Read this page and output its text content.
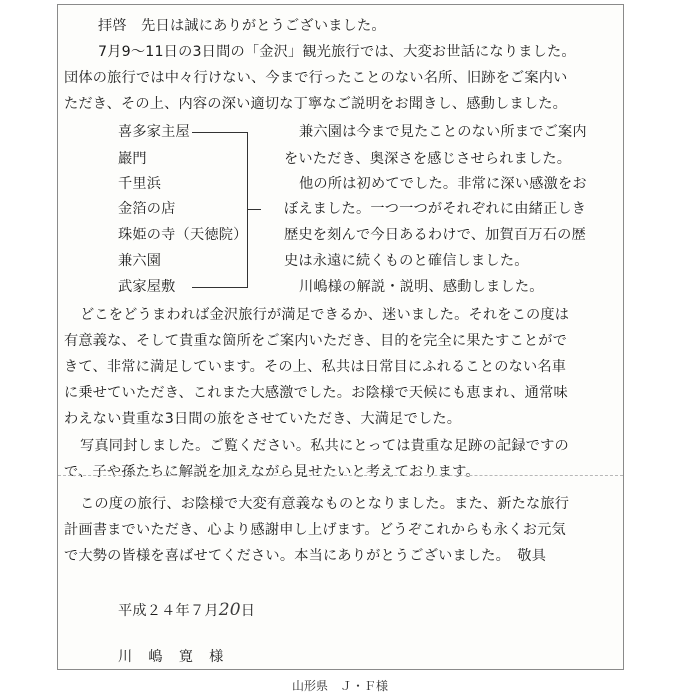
拝啓　先日は誠にありがとうございました。
7月9～11日の3日間の「金沢」観光旅行では、大変お世話になりました。
団体の旅行では中々行けない、今まで行ったことのない名所、旧跡をご案内い
ただき、その上、内容の深い適切な丁寧なご説明をお聞きし、感動しました。
喜多家主屋
巖門
千里浜
金箔の店
珠姫の寺（天徳院）
兼六園
武家屋敷
兼六園は今まで見たことのない所までご案内
をいただき、奥深さを感じさせられました。
他の所は初めてでした。非常に深い感激をお
ぼえました。一つ一つがそれぞれに由緒正しき
歴史を刻んで今日あるわけで、加賀百万石の歴
史は永遠に続くものと確信しました。
川嶋様の解説・説明、感動しました。
どこをどうまわれば金沢旅行が満足できるか、迷いました。それをこの度は
有意義な、そして貴重な箇所をご案内いただき、目的を完全に果たすことがで
きて、非常に満足しています。その上、私共は日常目にふれることのない名車
に乗せていただき、これまた大感激でした。お陰様で天候にも恵まれ、通常味
わえない貴重な3日間の旅をさせていただき、大満足でした。
写真同封しました。ご覧ください。私共にとっては貴重な足跡の記録ですの
で、子や孫たちに解説を加えながら見せたいと考えております。
この度の旅行、お陰様で大変有意義なものとなりました。また、新たな旅行
計画書までいただき、心より感謝申し上げます。どうぞこれからも永くお元気
で大勢の皆様を喜ばせてください。本当にありがとうございました。　敬具
平成２４年７月20日
川　嶋　寛　様
山形県　Ｊ・Ｆ様
